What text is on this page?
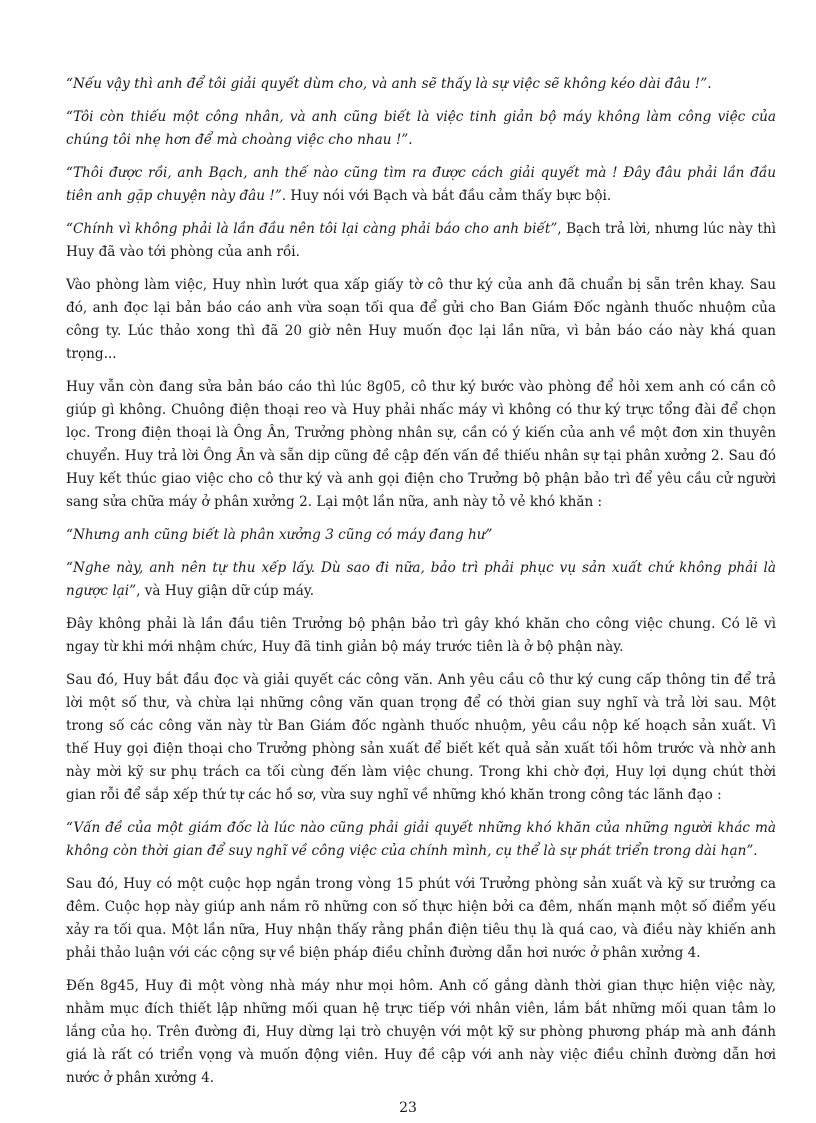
“Nếu vậy thì anh để tôi giải quyết dùm cho, và anh sẽ thấy là sự việc sẽ không kéo dài đâu !”.

“Tôi còn thiếu một công nhân, và anh cũng biết là việc tinh giản bộ máy không làm công việc của chúng tôi nhẹ hơn để mà choàng việc cho nhau !”.

“Thôi được rồi, anh Bạch, anh thế nào cũng tìm ra được cách giải quyết mà ! Đây đâu phải lần đầu tiên anh gặp chuyện này đâu !”. Huy nói với Bạch và bắt đầu cảm thấy bực bội.

“Chính vì không phải là lần đầu nên tôi lại càng phải báo cho anh biết”, Bạch trả lời, nhưng lúc này thì Huy đã vào tới phòng của anh rồi.

Vào phòng làm việc, Huy nhìn lướt qua xấp giấy tờ cô thư ký của anh đã chuẩn bị sẵn trên khay. Sau đó, anh đọc lại bản báo cáo anh vừa soạn tối qua để gửi cho Ban Giám Đốc ngành thuốc nhuộm của công ty. Lúc thảo xong thì đã 20 giờ nên Huy muốn đọc lại lần nữa, vì bản báo cáo này khá quan trọng...

Huy vẫn còn đang sửa bản báo cáo thì lúc 8g05, cô thư ký bước vào phòng để hỏi xem anh có cần cô giúp gì không. Chuông điện thoại reo và Huy phải nhấc máy vì không có thư ký trực tổng đài để chọn lọc. Trong điện thoại là Ông Ân, Trưởng phòng nhân sự, cần có ý kiến của anh về một đơn xin thuyên chuyển. Huy trả lời Ông Ân và sẵn dịp cũng đề cập đến vấn đề thiếu nhân sự tại phân xưởng 2. Sau đó Huy kết thúc giao việc cho cô thư ký và anh gọi điện cho Trưởng bộ phận bảo trì để yêu cầu cử người sang sửa chữa máy ở phân xưởng 2. Lại một lần nữa, anh này tỏ vẻ khó khăn :

“Nhưng anh cũng biết là phân xưởng 3 cũng có máy đang hư”

“Nghe này, anh nên tự thu xếp lấy. Dù sao đi nữa, bảo trì phải phục vụ sản xuất chứ không phải là ngược lại”, và Huy giận dữ cúp máy.

Đây không phải là lần đầu tiên Trưởng bộ phận bảo trì gây khó khăn cho công việc chung. Có lẽ vì ngay từ khi mới nhậm chức, Huy đã tinh giản bộ máy trước tiên là ở bộ phận này.

Sau đó, Huy bắt đầu đọc và giải quyết các công văn. Anh yêu cầu cô thư ký cung cấp thông tin để trả lời một số thư, và chừa lại những công văn quan trọng để có thời gian suy nghĩ và trả lời sau. Một trong số các công văn này từ Ban Giám đốc ngành thuốc nhuộm, yêu cầu nộp kế hoạch sản xuất. Vì thế Huy gọi điện thoại cho Trưởng phòng sản xuất để biết kết quả sản xuất tối hôm trước và nhờ anh này mời kỹ sư phụ trách ca tối cùng đến làm việc chung. Trong khi chờ đợi, Huy lợi dụng chút thời gian rỗi để sắp xếp thứ tự các hồ sơ, vừa suy nghĩ về những khó khăn trong công tác lãnh đạo :

“Vấn đề của một giám đốc là lúc nào cũng phải giải quyết những khó khăn của những người khác mà không còn thời gian để suy nghĩ về công việc của chính mình, cụ thể là sự phát triển trong dài hạn”.

Sau đó, Huy có một cuộc họp ngắn trong vòng 15 phút với Trưởng phòng sản xuất và kỹ sư trưởng ca đêm. Cuộc họp này giúp anh nắm rõ những con số thực hiện bởi ca đêm, nhấn mạnh một số điểm yếu xảy ra tối qua. Một lần nữa, Huy nhận thấy rằng phần điện tiêu thụ là quá cao, và điều này khiến anh phải thảo luận với các cộng sự về biện pháp điều chỉnh đường dẫn hơi nước ở phân xưởng 4.

Đến 8g45, Huy đi một vòng nhà máy như mọi hôm. Anh cố gắng dành thời gian thực hiện việc này, nhằm mục đích thiết lập những mối quan hệ trực tiếp với nhân viên, lắm bắt những mối quan tâm lo lắng của họ. Trên đường đi, Huy dừng lại trò chuyện với một kỹ sư phòng phương pháp mà anh đánh giá là rất có triển vọng và muốn động viên. Huy đề cập với anh này việc điều chỉnh đường dẫn hơi nước ở phân xưởng 4.

23
